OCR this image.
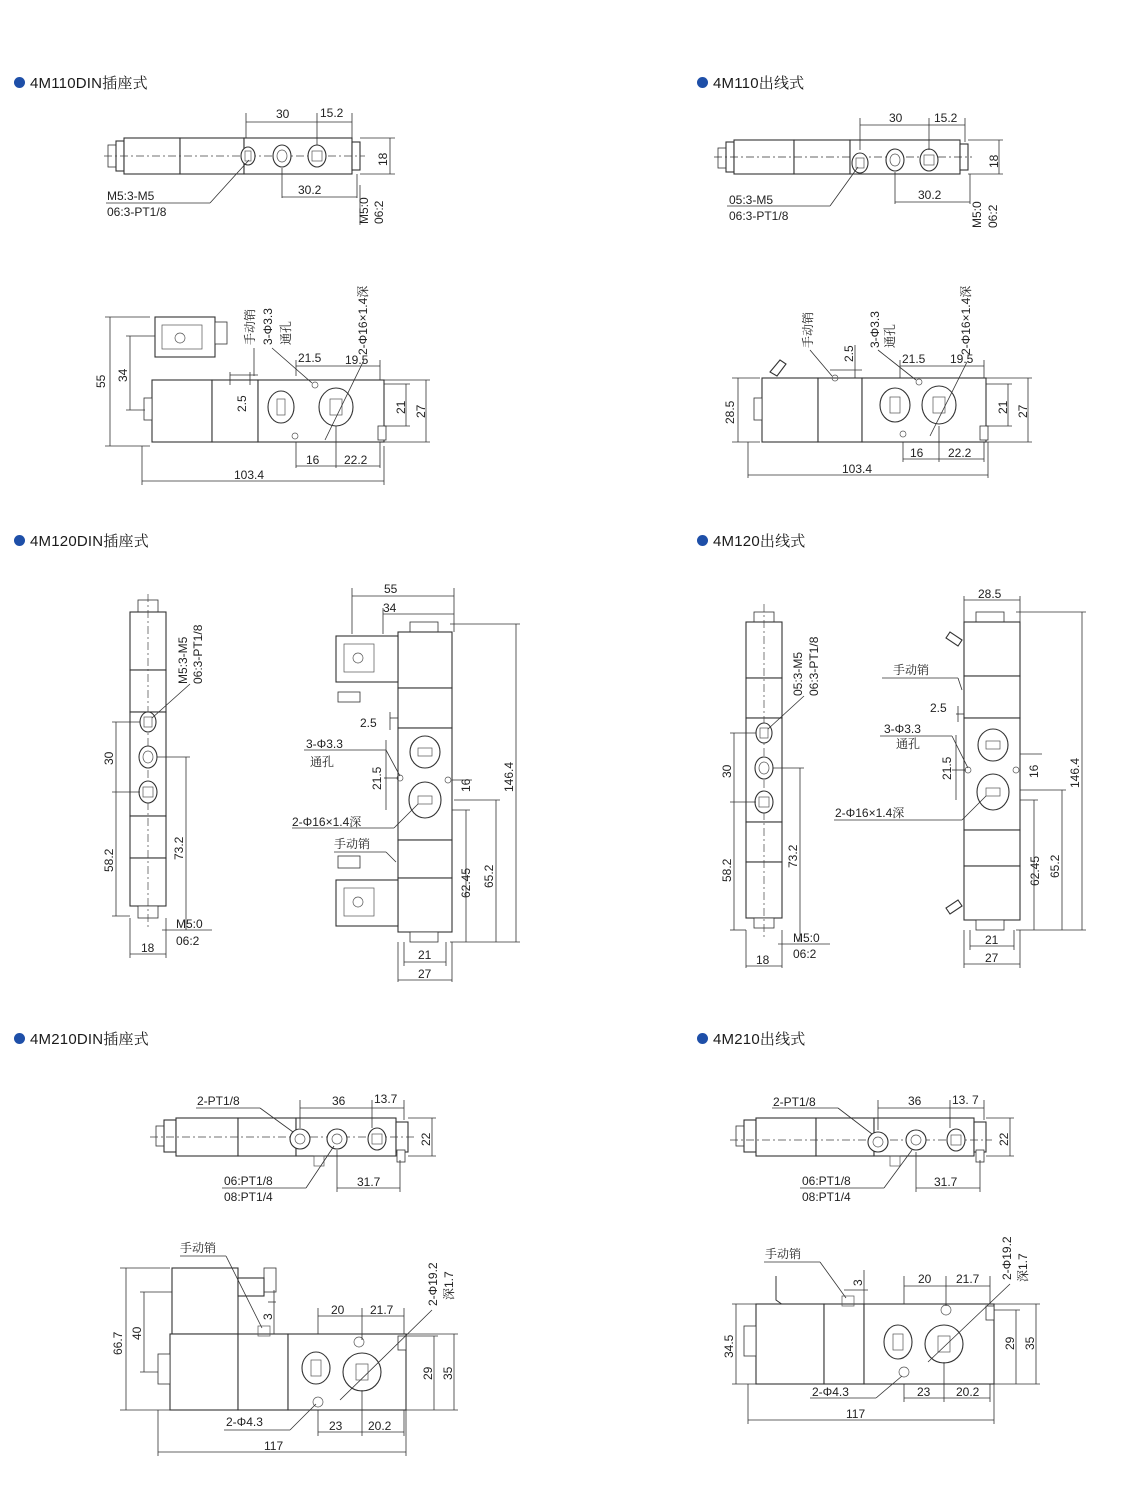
4M110DIN插座式	4M110出线式
4M120DIN插座式	4M120出线式
4M210DIN插座式	4M210出线式
30	15.2
18
30.2
M5:0 06:2
M5:3-M5
06:3-PT1/8
55 34
103.4
21 27
21.5 19.5
16 22.2
2.5
手动销 3-Φ3.3 通孔	2-Φ16×1.4深
30	15.2
18
30.2
M5:0 06:2
05:3-M5
06:3-PT1/8
28.5
103.4
21 27
21.5 19.5
16 22.2
2.5
手动销	3-Φ3.3 通孔	2-Φ16×1.4深
30
58.2
73.2
18
M5:0
06:2
M5:3-M5 06:3-PT1/8
55
34
146.4
65.2
62.45
16
21.5
2.5
3-Φ3.3
通孔
2-Φ16×1.4深
手动销
21
27
30
58.2
73.2
18
M5:0
06:2
05:3-M5 06:3-PT1/8
28.5
146.4
65.2
62.45
16
21.5
2.5
手动销
3-Φ3.3
通孔
2-Φ16×1.4深
21
27
36 13.7
22
31.7
2-PT1/8
06:PT1/8
08:PT1/4
66.7 40
117
29 35
20 21.7
23 20.2
2-Φ4.3
3
手动销
2-Φ19.2 深1.7
36	13. 7
22
31.7
2-PT1/8
06:PT1/8
08:PT1/4
34.5
117
29 35
20 21.7
23 20.2
2-Φ4.3
3
手动销	2-Φ19.2 深1.7
